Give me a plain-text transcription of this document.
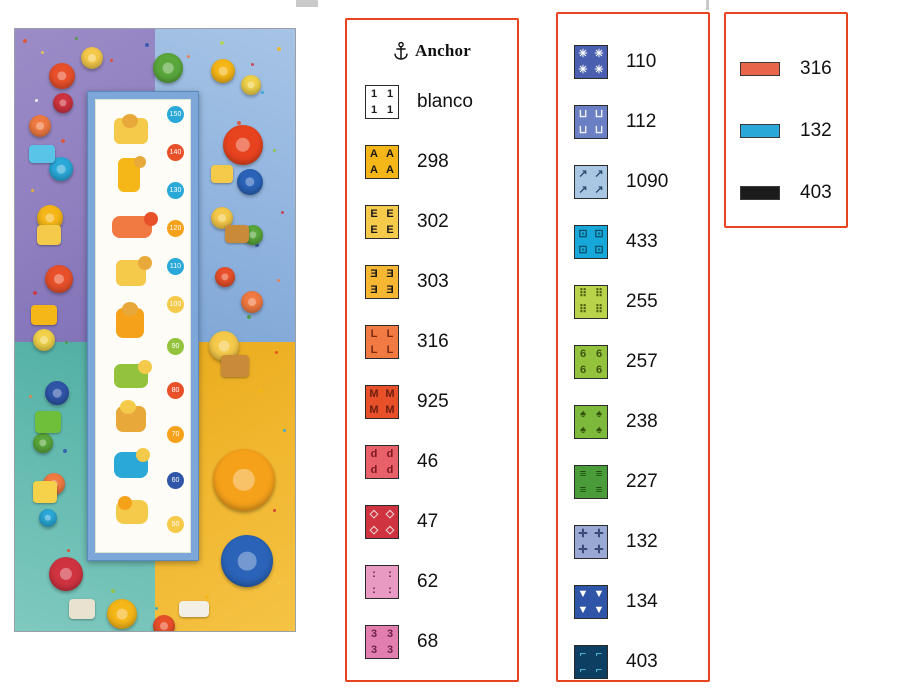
150
140
130
120
110
100
90
80
70
60
50
Anchor
1 1
1 1 blanco
A A
A A 298
E E
E E 302
Ǝ Ǝ
Ǝ Ǝ 303
L L
L L 316
M M
M M 925
d d
d d 46
◇ ◇
◇ ◇ 47
: :
: : 62
3 3
3 3 68
✳ ✳
✳ ✳ 110
⊔ ⊔
⊔ ⊔ 112
↗ ↗
↗ ↗ 1090
⊡ ⊡
⊡ ⊡ 433
⠿ ⠿
⠿ ⠿ 255
6 6
6 6 257
♠ ♠
♠ ♠ 238
≡ ≡
≡ ≡ 227
✛ ✛
✛ ✛ 132
▼ ▼
▼ ▼ 134
⌐ ⌐
⌐ ⌐ 403
316
132
403
